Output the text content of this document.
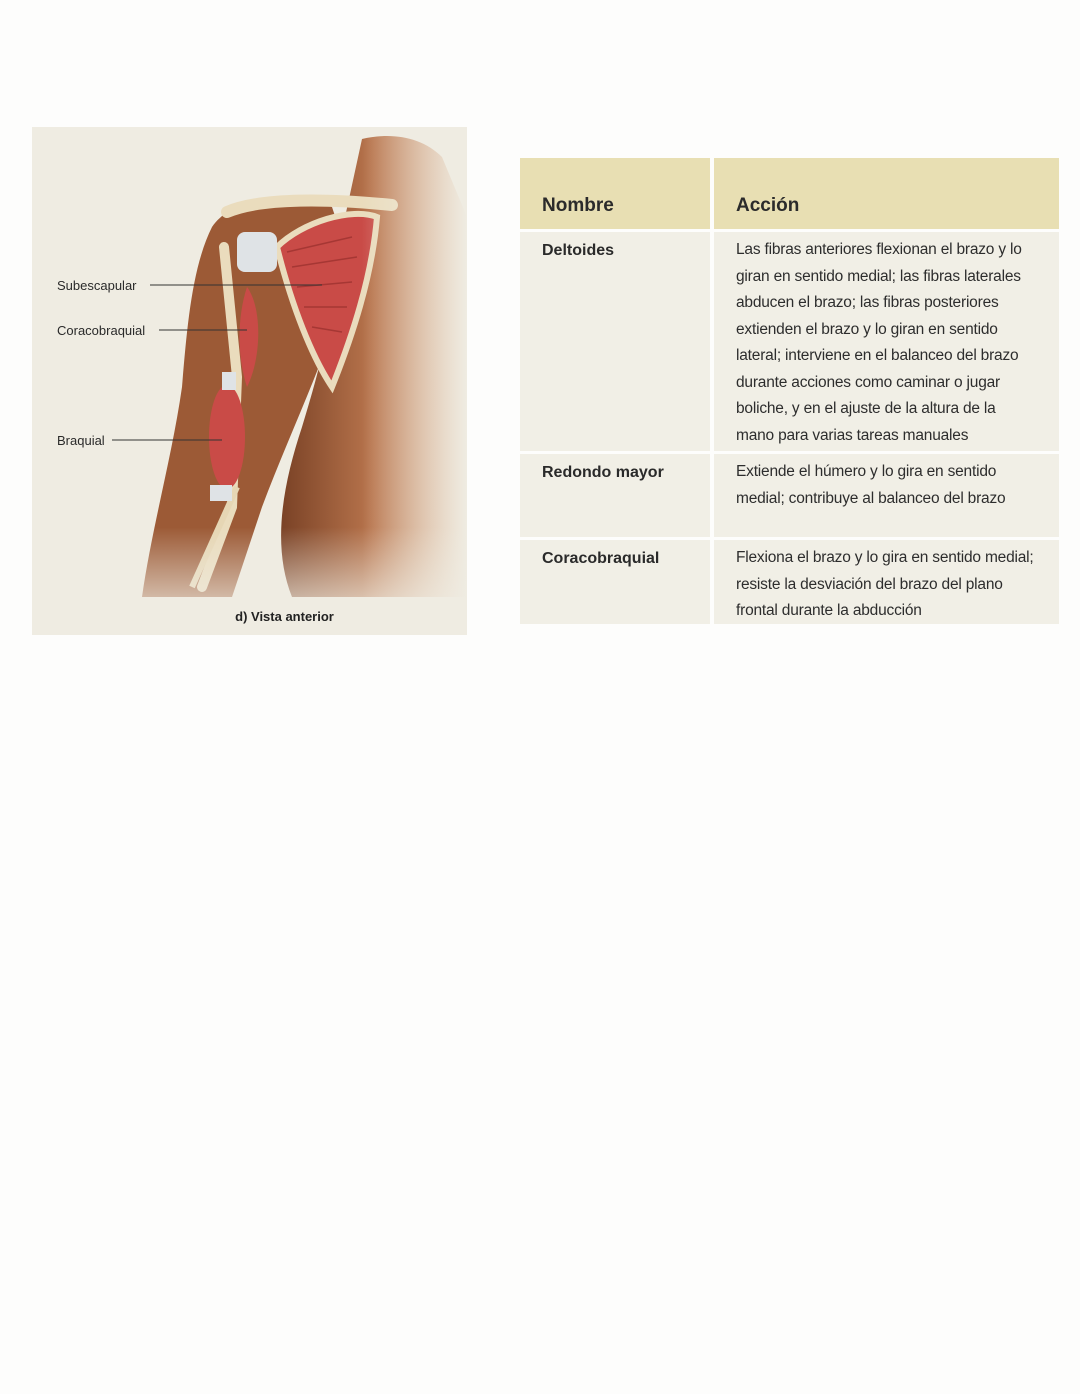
Subescapular
Coracobraquial
Braquial
d) Vista anterior
Nombre	Acción
Deltoides	Las fibras anteriores flexionan el brazo y lo giran en sentido medial; las fibras laterales abducen el brazo; las fibras posteriores extienden el brazo y lo giran en sentido lateral; interviene en el balanceo del brazo durante acciones como caminar o jugar boliche, y en el ajuste de la altura de la mano para varias tareas manuales
Redondo mayor	Extiende el húmero y lo gira en sentido medial; contribuye al balanceo del brazo
Coracobraquial	Flexiona el brazo y lo gira en sentido medial; resiste la desviación del brazo del plano frontal durante la abducción
